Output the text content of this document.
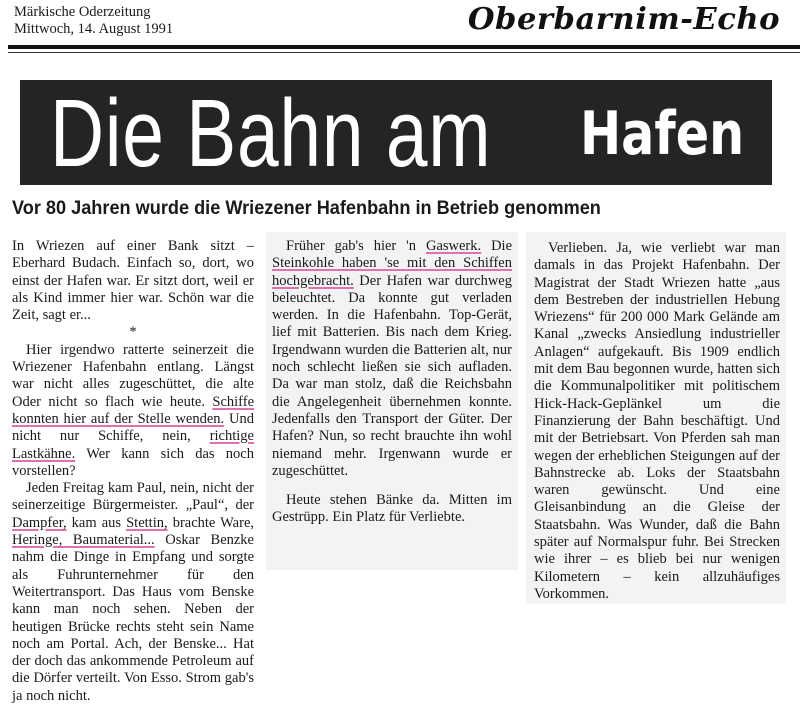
Märkische Oderzeitung
Mittwoch, 14. August 1991	Oberbarnim-Echo
Die Bahn am Hafen
Vor 80 Jahren wurde die Wriezener Hafenbahn in Betrieb genommen

In Wriezen auf einer Bank sitzt – Eberhard Budach. Einfach so, dort, wo einst der Hafen war. Er sitzt dort, weil er als Kind immer hier war. Schön war die Zeit, sagt er...

*

Hier irgendwo ratterte seinerzeit die Wriezener Hafenbahn entlang. Längst war nicht alles zugeschüttet, die alte Oder nicht so flach wie heute. Schiffe konnten hier auf der Stelle wenden. Und nicht nur Schiffe, nein, richtige Lastkähne. Wer kann sich das noch vorstellen?

Jeden Freitag kam Paul, nein, nicht der seinerzeitige Bürgermeister. „Paul“, der Dampfer, kam aus Stettin, brachte Ware, Heringe, Baumaterial... Oskar Benzke nahm die Dinge in Empfang und sorgte als Fuhrunternehmer für den Weitertransport. Das Haus vom Benske kann man noch sehen. Neben der heutigen Brücke rechts steht sein Name noch am Portal. Ach, der Benske... Hat der doch das ankommende Petroleum auf die Dörfer verteilt. Von Esso. Strom gab's ja noch nicht.

Früher gab's hier 'n Gaswerk. Die Steinkohle haben 'se mit den Schiffen hochgebracht. Der Hafen war durchweg beleuchtet. Da konnte gut verladen werden. In die Hafenbahn. Top-Gerät, lief mit Batterien. Bis nach dem Krieg. Irgendwann wurden die Batterien alt, nur noch schlecht ließen sie sich aufladen. Da war man stolz, daß die Reichsbahn die Angelegenheit übernehmen konnte. Jedenfalls den Transport der Güter. Der Hafen? Nun, so recht brauchte ihn wohl niemand mehr. Irgenwann wurde er zugeschüttet.

Heute stehen Bänke da. Mitten im Gestrüpp. Ein Platz für Verliebte.

Verlieben. Ja, wie verliebt war man damals in das Projekt Hafenbahn. Der Magistrat der Stadt Wriezen hatte „aus dem Bestreben der industriellen Hebung Wriezens“ für 200 000 Mark Gelände am Kanal „zwecks Ansiedlung industrieller Anlagen“ aufgekauft. Bis 1909 endlich mit dem Bau begonnen wurde, hatten sich die Kommunalpolitiker mit politischem Hick-Hack-Geplänkel um die Finanzierung der Bahn beschäftigt. Und mit der Betriebsart. Von Pferden sah man wegen der erheblichen Steigungen auf der Bahnstrecke ab. Loks der Staatsbahn waren gewünscht. Und eine Gleisanbindung an die Gleise der Staatsbahn. Was Wunder, daß die Bahn später auf Normalspur fuhr. Bei Strecken wie ihrer – es blieb bei nur wenigen Kilometern – kein allzuhäufiges Vorkommen.
